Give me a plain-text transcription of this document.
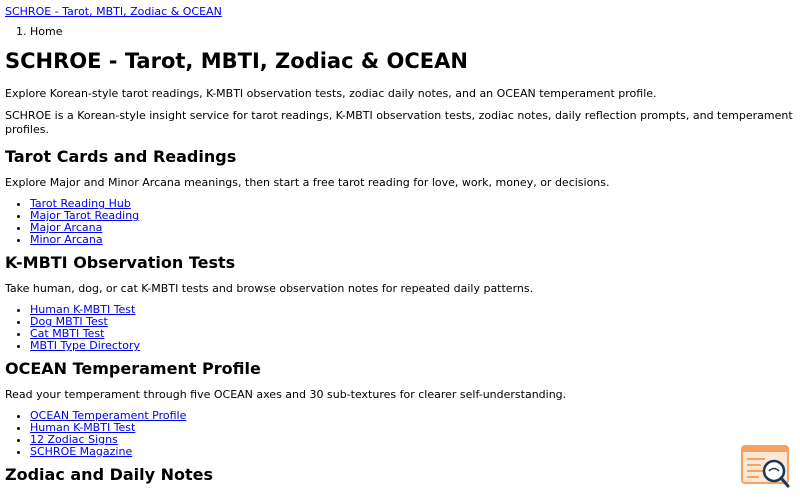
SCHROE - Tarot, MBTI, Zodiac & OCEAN
1. Home
SCHROE - Tarot, MBTI, Zodiac & OCEAN

Explore Korean-style tarot readings, K-MBTI observation tests, zodiac daily notes, and an OCEAN temperament profile.

SCHROE is a Korean-style insight service for tarot readings, K-MBTI observation tests, zodiac notes, daily reflection prompts, and temperament profiles.

Tarot Cards and Readings

Explore Major and Minor Arcana meanings, then start a free tarot reading for love, work, money, or decisions.

• Tarot Reading Hub
• Major Tarot Reading
• Major Arcana
• Minor Arcana
K-MBTI Observation Tests

Take human, dog, or cat K-MBTI tests and browse observation notes for repeated daily patterns.

• Human K-MBTI Test
• Dog MBTI Test
• Cat MBTI Test
• MBTI Type Directory
OCEAN Temperament Profile

Read your temperament through five OCEAN axes and 30 sub-textures for clearer self-understanding.

• OCEAN Temperament Profile
• Human K-MBTI Test
• 12 Zodiac Signs
• SCHROE Magazine
Zodiac and Daily Notes
